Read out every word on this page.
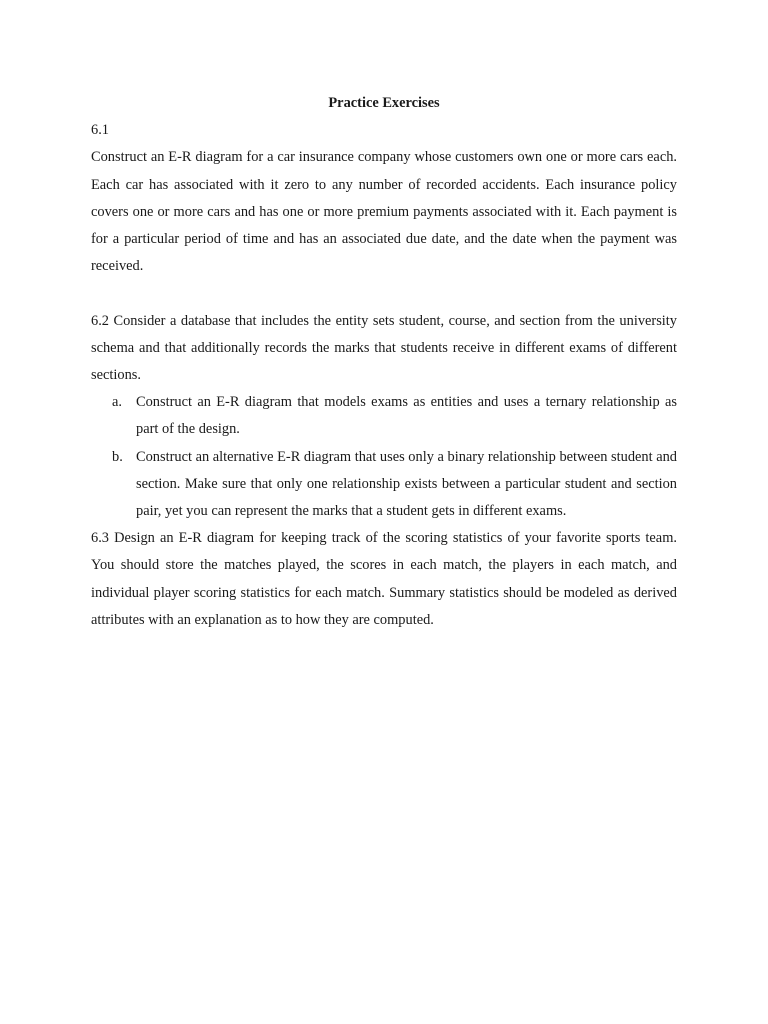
Practice Exercises

6.1

Construct an E-R diagram for a car insurance company whose customers own one or more cars each. Each car has associated with it zero to any number of recorded accidents. Each insurance policy covers one or more cars and has one or more premium payments associated with it. Each payment is for a particular period of time and has an associated due date, and the date when the payment was received.

6.2 Consider a database that includes the entity sets student, course, and section from the university schema and that additionally records the marks that students receive in different exams of different sections.

a. Construct an E-R diagram that models exams as entities and uses a ternary relationship as part of the design.
b. Construct an alternative E-R diagram that uses only a binary relationship between student and section. Make sure that only one relationship exists between a particular student and section pair, yet you can represent the marks that a student gets in different exams.

6.3 Design an E-R diagram for keeping track of the scoring statistics of your favorite sports team. You should store the matches played, the scores in each match, the players in each match, and individual player scoring statistics for each match. Summary statistics should be modeled as derived attributes with an explanation as to how they are computed.
